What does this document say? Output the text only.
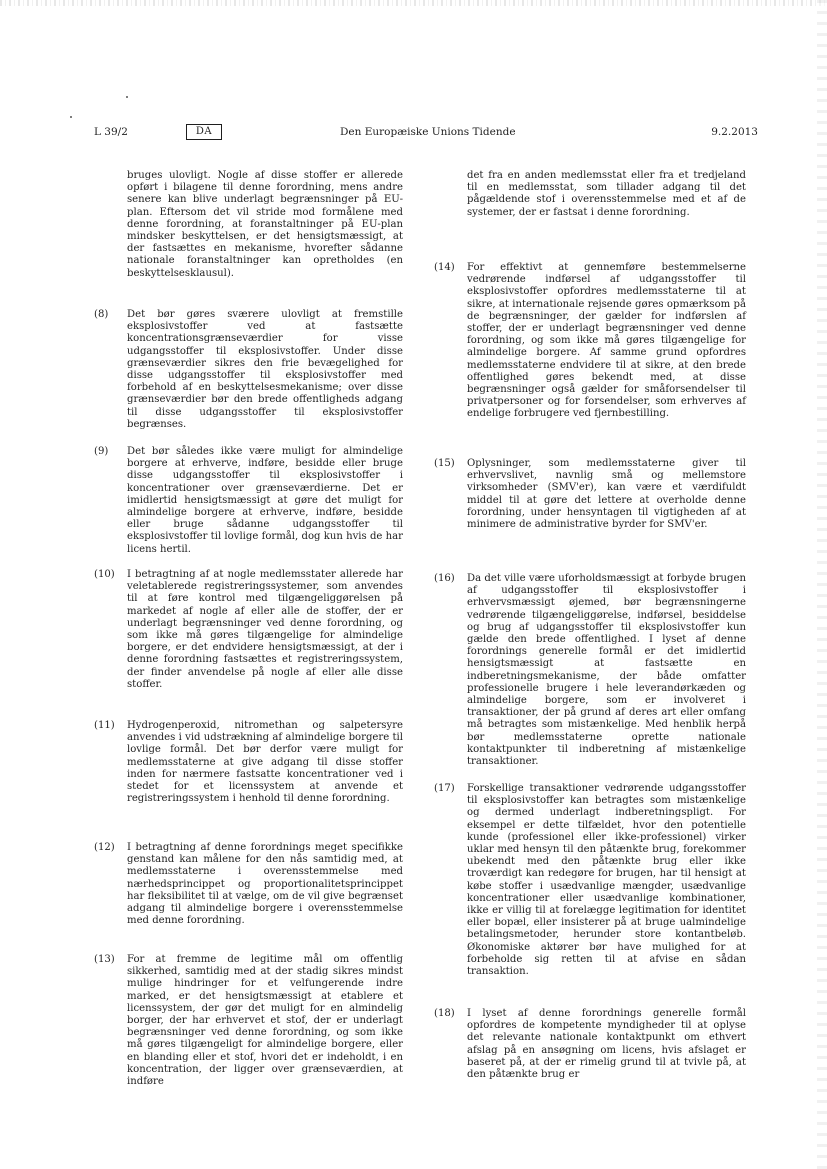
L 39/2	DA	Den Europæiske Unions Tidende	9.2.2013
bruges ulovligt. Nogle af disse stoffer er allerede opført i bilagene til denne forordning, mens andre senere kan blive underlagt begrænsninger på EU-plan. Eftersom det vil stride mod formålene med denne forordning, at foranstaltninger på EU-plan mindsker beskyttelsen, er det hensigtsmæssigt, at der fastsættes en mekanisme, hvorefter sådanne nationale foranstaltninger kan opretholdes (en beskyttelsesklausul).
(8) Det bør gøres sværere ulovligt at fremstille eksplosivstoffer ved at fastsætte koncentrationsgrænseværdier for visse udgangsstoffer til eksplosivstoffer. Under disse grænseværdier sikres den frie bevægelighed for disse udgangsstoffer til eksplosivstoffer med forbehold af en beskyttelsesmekanisme; over disse grænseværdier bør den brede offentligheds adgang til disse udgangsstoffer til eksplosivstoffer begrænses.
(9) Det bør således ikke være muligt for almindelige borgere at erhverve, indføre, besidde eller bruge disse udgangsstoffer til eksplosivstoffer i koncentrationer over grænseværdierne. Det er imidlertid hensigtsmæssigt at gøre det muligt for almindelige borgere at erhverve, indføre, besidde eller bruge sådanne udgangsstoffer til eksplosivstoffer til lovlige formål, dog kun hvis de har licens hertil.
(10) I betragtning af at nogle medlemsstater allerede har veletablerede registreringssystemer, som anvendes til at føre kontrol med tilgængeliggørelsen på markedet af nogle af eller alle de stoffer, der er underlagt begrænsninger ved denne forordning, og som ikke må gøres tilgængelige for almindelige borgere, er det endvidere hensigtsmæssigt, at der i denne forordning fastsættes et registreringssystem, der finder anvendelse på nogle af eller alle disse stoffer.
(11) Hydrogenperoxid, nitromethan og salpetersyre anvendes i vid udstrækning af almindelige borgere til lovlige formål. Det bør derfor være muligt for medlemsstaterne at give adgang til disse stoffer inden for nærmere fastsatte koncentrationer ved i stedet for et licenssystem at anvende et registreringssystem i henhold til denne forordning.
(12) I betragtning af denne forordnings meget specifikke genstand kan målene for den nås samtidig med, at medlemsstaterne i overensstemmelse med nærhedsprincippet og proportionalitetsprincippet har fleksibilitet til at vælge, om de vil give begrænset adgang til almindelige borgere i overensstemmelse med denne forordning.
(13) For at fremme de legitime mål om offentlig sikkerhed, samtidig med at der stadig sikres mindst mulige hindringer for et velfungerende indre marked, er det hensigtsmæssigt at etablere et licenssystem, der gør det muligt for en almindelig borger, der har erhvervet et stof, der er underlagt begrænsninger ved denne forordning, og som ikke må gøres tilgængeligt for almindelige borgere, eller en blanding eller et stof, hvori det er indeholdt, i en koncentration, der ligger over grænseværdien, at indføre
det fra en anden medlemsstat eller fra et tredjeland til en medlemsstat, som tillader adgang til det pågældende stof i overensstemmelse med et af de systemer, der er fastsat i denne forordning.
(14) For effektivt at gennemføre bestemmelserne vedrørende indførsel af udgangsstoffer til eksplosivstoffer opfordres medlemsstaterne til at sikre, at internationale rejsende gøres opmærksom på de begrænsninger, der gælder for indførslen af stoffer, der er underlagt begrænsninger ved denne forordning, og som ikke må gøres tilgængelige for almindelige borgere. Af samme grund opfordres medlemsstaterne endvidere til at sikre, at den brede offentlighed gøres bekendt med, at disse begrænsninger også gælder for småforsendelser til privatpersoner og for forsendelser, som erhverves af endelige forbrugere ved fjernbestilling.
(15) Oplysninger, som medlemsstaterne giver til erhvervslivet, navnlig små og mellemstore virksomheder (SMV'er), kan være et værdifuldt middel til at gøre det lettere at overholde denne forordning, under hensyntagen til vigtigheden af at minimere de administrative byrder for SMV'er.
(16) Da det ville være uforholdsmæssigt at forbyde brugen af udgangsstoffer til eksplosivstoffer i erhvervsmæssigt øjemed, bør begrænsningerne vedrørende tilgængeliggørelse, indførsel, besiddelse og brug af udgangsstoffer til eksplosivstoffer kun gælde den brede offentlighed. I lyset af denne forordnings generelle formål er det imidlertid hensigtsmæssigt at fastsætte en indberetningsmekanisme, der både omfatter professionelle brugere i hele leverandørkæden og almindelige borgere, som er involveret i transaktioner, der på grund af deres art eller omfang må betragtes som mistænkelige. Med henblik herpå bør medlemsstaterne oprette nationale kontaktpunkter til indberetning af mistænkelige transaktioner.
(17) Forskellige transaktioner vedrørende udgangsstoffer til eksplosivstoffer kan betragtes som mistænkelige og dermed underlagt indberetningspligt. For eksempel er dette tilfældet, hvor den potentielle kunde (professionel eller ikke-professionel) virker uklar med hensyn til den påtænkte brug, forekommer ubekendt med den påtænkte brug eller ikke troværdigt kan redegøre for brugen, har til hensigt at købe stoffer i usædvanlige mængder, usædvanlige koncentrationer eller usædvanlige kombinationer, ikke er villig til at forelægge legitimation for identitet eller bopæl, eller insisterer på at bruge ualmindelige betalingsmetoder, herunder store kontantbeløb. Økonomiske aktører bør have mulighed for at forbeholde sig retten til at afvise en sådan transaktion.
(18) I lyset af denne forordnings generelle formål opfordres de kompetente myndigheder til at oplyse det relevante nationale kontaktpunkt om ethvert afslag på en ansøgning om licens, hvis afslaget er baseret på, at der er rimelig grund til at tvivle på, at den påtænkte brug er
